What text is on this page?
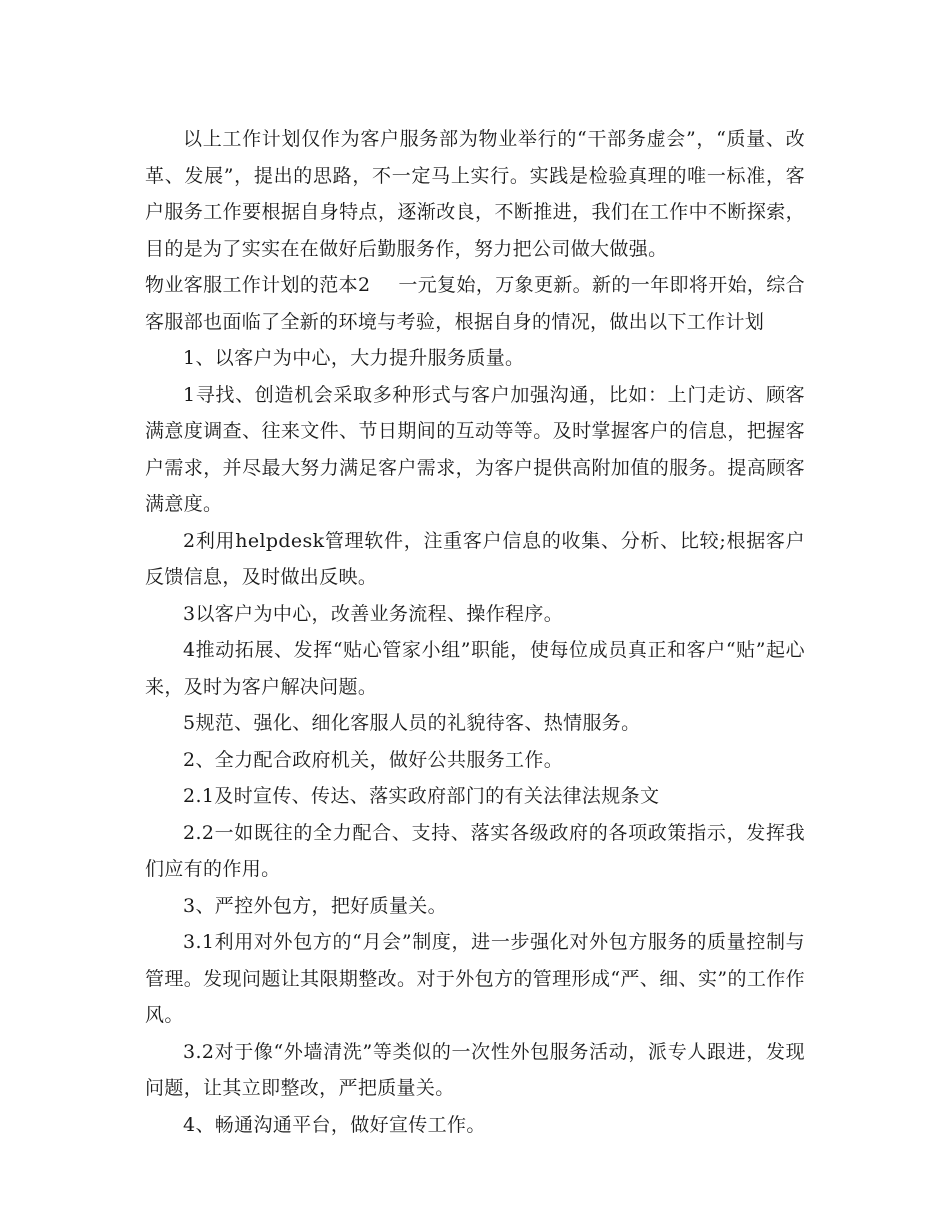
以上工作计划仅作为客户服务部为物业举行的“干部务虚会”，“质量、改革、发展”，提出的思路，不一定马上实行。实践是检验真理的唯一标准，客户服务工作要根据自身特点，逐渐改良，不断推进，我们在工作中不断探索，目的是为了实实在在做好后勤服务作，努力把公司做大做强。

物业客服工作计划的范本2 一元复始，万象更新。新的一年即将开始，综合客服部也面临了全新的环境与考验，根据自身的情况，做出以下工作计划

1、以客户为中心，大力提升服务质量。

1寻找、创造机会采取多种形式与客户加强沟通，比如：上门走访、顾客满意度调查、往来文件、节日期间的互动等等。及时掌握客户的信息，把握客户需求，并尽最大努力满足客户需求，为客户提供高附加值的服务。提高顾客满意度。

2利用helpdesk管理软件，注重客户信息的收集、分析、比较;根据客户反馈信息，及时做出反映。

3以客户为中心，改善业务流程、操作程序。

4推动拓展、发挥“贴心管家小组”职能，使每位成员真正和客户“贴”起心来，及时为客户解决问题。

5规范、强化、细化客服人员的礼貌待客、热情服务。

2、全力配合政府机关，做好公共服务工作。

2.1及时宣传、传达、落实政府部门的有关法律法规条文

2.2一如既往的全力配合、支持、落实各级政府的各项政策指示，发挥我们应有的作用。

3、严控外包方，把好质量关。

3.1利用对外包方的“月会”制度，进一步强化对外包方服务的质量控制与管理。发现问题让其限期整改。对于外包方的管理形成“严、细、实”的工作作风。

3.2对于像“外墙清洗”等类似的一次性外包服务活动，派专人跟进，发现问题，让其立即整改，严把质量关。

4、畅通沟通平台，做好宣传工作。
